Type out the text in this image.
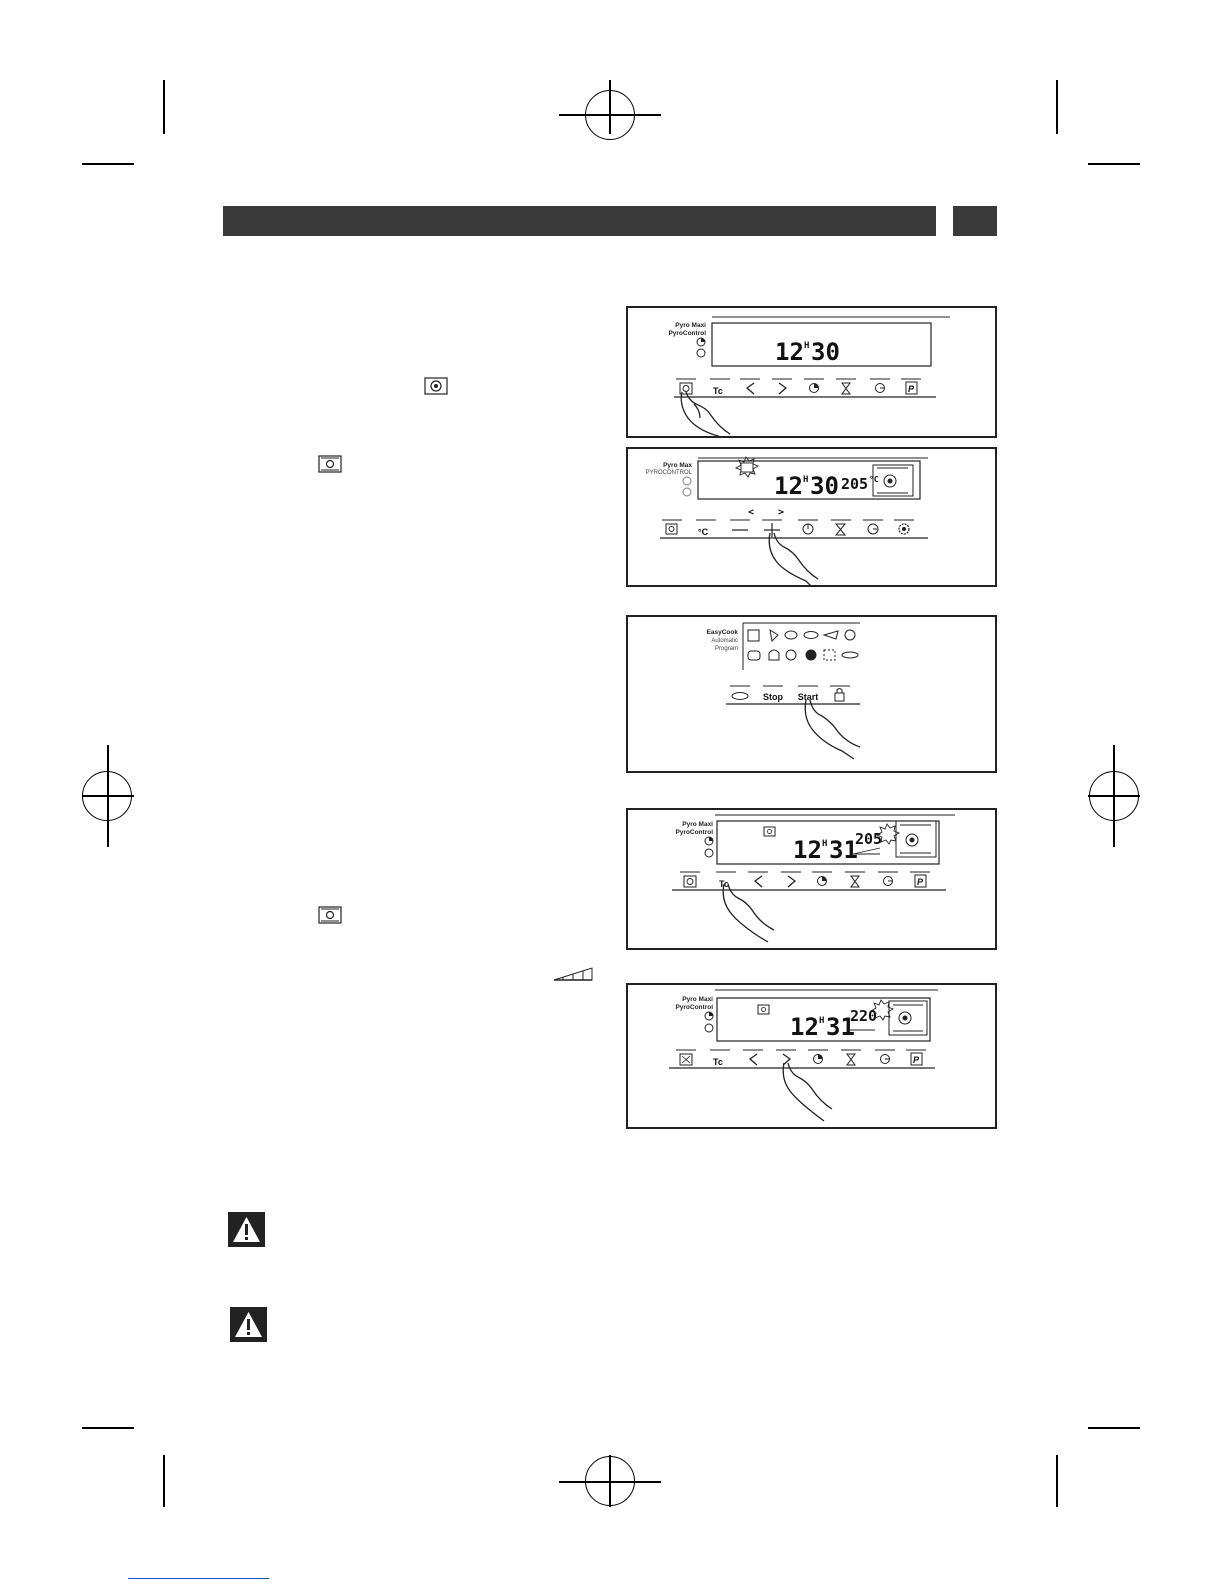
Pyro Maxi
PyroControl
12 H 30
Tc	P
Pyro Max
PYROCONTROL	12 H 30 205 °C
< >
°C
EasyCook
Automatic
Program
Stop Start
Pyro Maxi
PyroControl
12 H 31
205
Tc	P
Pyro Maxi
PyroControl
12 H 31
220
Tc	P
